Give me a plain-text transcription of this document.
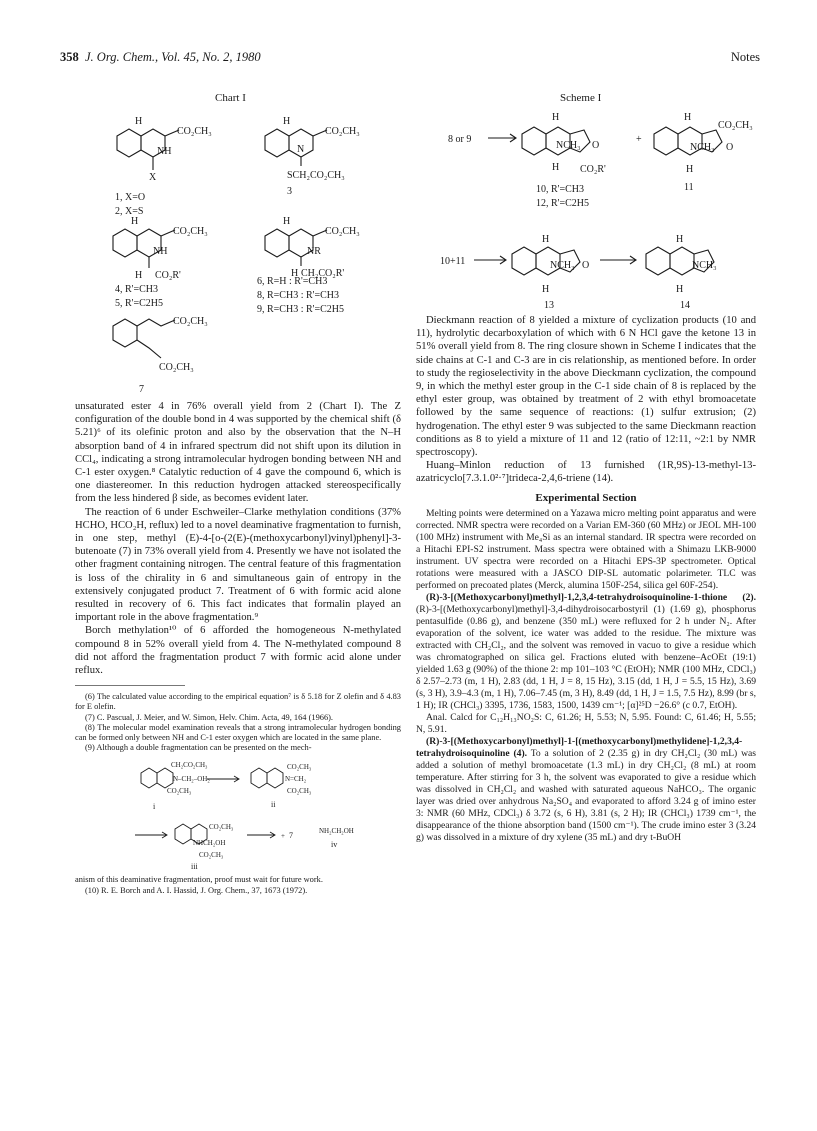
358 J. Org. Chem., Vol. 45, No. 2, 1980	Notes
Chart I
H
CO₂CH₃
NH
X
H
CO₂CH₃
N
SCH₂CO₂CH₃
H
CO₂CH₃
NH
H CO₂R'
H
CO₂CH₃
NR
H CH₂CO₂R'
CO₂CH₃
CO₂CH₃
1, X=O
2, X=S
3
4, R'=CH3
5, R'=C2H5
6, R=H : R'=CH3
8, R=CH3 : R'=CH3
9, R=CH3 : R'=C2H5
7
Scheme I
H
NCH₃ O
H CO₂R'
+
H
CO₂CH₃
NCH₃ O
H
H
NCH₃ O
H
H
NCH₃
H
8 or 9
10, R'=CH3
12, R'=C2H5
11
10+11
13	14

unsaturated ester 4 in 76% overall yield from 2 (Chart I). The Z configuration of the double bond in 4 was supported by the chemical shift (δ 5.21)⁶ of its olefinic proton and also by the observation that the N–H absorption band of 4 in infrared spectrum did not shift upon its dilution in CCl₄, indicating a strong intramolecular hydrogen bonding between NH and C-1 ester oxygen.⁸ Catalytic reduction of 4 gave the compound 6, which is one diastereomer. In this reduction hydrogen attacked stereospecifically from the less hindered β side, as becomes evident later.

The reaction of 6 under Eschweiler–Clarke methylation conditions (37% HCHO, HCO₂H, reflux) led to a novel deaminative fragmentation to furnish, in one step, methyl (E)-4-[o-(2(E)-(methoxycarbonyl)vinyl)phenyl]-3-butenoate (7) in 73% overall yield from 4. Presently we have not isolated the other fragment containing nitrogen. The central feature of this fragmentation is loss of the chirality in 6 and simultaneous gain of entropy in the extensively conjugated product 7. Treatment of 6 with formic acid alone resulted in recovery of 6. This fact indicates that formalin played an important role in the above fragmentation.⁹

Borch methylation¹⁰ of 6 afforded the homogeneous N-methylated compound 8 in 52% overall yield from 4. The N-methylated compound 8 did not afford the fragmentation product 7 with formic acid alone under reflux.

(6) The calculated value according to the empirical equation⁷ is δ 5.18 for Z olefin and δ 4.83 for E olefin.

(7) C. Pascual, J. Meier, and W. Simon, Helv. Chim. Acta, 49, 164 (1966).

(8) The molecular model examination reveals that a strong intramolecular hydrogen bonding can be formed only between NH and C-1 ester oxygen which are located in the same plane.

(9) Although a double fragmentation can be presented on the mech-

CH₂CO₂CH₃
N–CH₂–OH₂
CO₂CH₃
CO₂CH₃
N=CH₂
CO₂CH₃
CO₂CH₃
NHCH₂OH
CO₂CH₃
+
NH₂CH₂OH
i	ii
7
iv
iii

anism of this deaminative fragmentation, proof must wait for future work.

(10) R. E. Borch and A. I. Hassid, J. Org. Chem., 37, 1673 (1972).

Dieckmann reaction of 8 yielded a mixture of cyclization products (10 and 11), hydrolytic decarboxylation of which with 6 N HCl gave the ketone 13 in 51% overall yield from 8. The ring closure shown in Scheme I indicates that the side chains at C-1 and C-3 are in cis relationship, as mentioned before. In order to study the regioselectivity in the above Dieckmann cyclization, the compound 9, in which the methyl ester group in the C-1 side chain of 8 is replaced by the ethyl ester group, was obtained by treatment of 2 with ethyl bromoacetate followed by the same sequence of reactions: (1) sulfur extrusion; (2) hydrogenation. The ethyl ester 9 was subjected to the same Dieckmann reaction conditions as 8 to yield a mixture of 11 and 12 (ratio of 12:11, ~2:1 by NMR spectroscopy).

Huang–Minlon reduction of 13 furnished (1R,9S)-13-methyl-13-azatricyclo[7.3.1.0²·⁷]trideca-2,4,6-triene (14).

Experimental Section

Melting points were determined on a Yazawa micro melting point apparatus and were corrected. NMR spectra were recorded on a Varian EM-360 (60 MHz) or JEOL MH-100 (100 MHz) instrument with Me₄Si as an internal standard. IR spectra were recorded on a Hitachi EPI-S2 instrument. Mass spectra were obtained with a Shimazu LKB-9000 instrument. UV spectra were recorded on a Hitachi EPS-3P spectrometer. Optical rotations were measured with a JASCO DIP-SL automatic polarimeter. TLC was performed on precoated plates (Merck, alumina 150F-254, silica gel 60F-254).

(R)-3-[(Methoxycarbonyl)methyl]-1,2,3,4-tetrahydroisoquinoline-1-thione (2). (R)-3-[(Methoxycarbonyl)methyl]-3,4-dihydroisocarbostyril (1) (1.69 g), phosphorus pentasulfide (0.86 g), and benzene (350 mL) were refluxed for 2 h under N₂. After evaporation of the solvent, ice water was added to the residue. The mixture was extracted with CH₂Cl₂, and the solvent was removed in vacuo to give a residue which was chromatographed on silica gel. Fractions eluted with benzene–AcOEt (19:1) yielded 1.63 g (90%) of the thione 2: mp 101–103 °C (EtOH); NMR (100 MHz, CDCl₃) δ 2.57–2.73 (m, 1 H), 2.83 (dd, 1 H, J = 8, 15 Hz), 3.15 (dd, 1 H, J = 5.5, 15 Hz), 3.69 (s, 3 H), 3.9–4.3 (m, 1 H), 7.06–7.45 (m, 3 H), 8.49 (dd, 1 H, J = 1.5, 7.5 Hz), 8.99 (br s, 1 H); IR (CHCl₃) 3395, 1736, 1583, 1500, 1439 cm⁻¹; [α]²⁵D −26.6° (c 0.7, EtOH).

Anal. Calcd for C₁₂H₁₃NO₂S: C, 61.26; H, 5.53; N, 5.95. Found: C, 61.46; H, 5.55; N, 5.91.

(R)-3-[(Methoxycarbonyl)methyl]-1-[(methoxycarbonyl)methylidene]-1,2,3,4-tetrahydroisoquinoline (4). To a solution of 2 (2.35 g) in dry CH₂Cl₂ (30 mL) was added a solution of methyl bromoacetate (1.3 mL) in dry CH₂Cl₂ (8 mL) at room temperature. After stirring for 3 h, the solvent was evaporated to give a residue which was dissolved in CH₂Cl₂ and washed with saturated aqueous NaHCO₃. The organic layer was dried over anhydrous Na₂SO₄ and evaporated to afford 3.24 g of imino ester 3: NMR (60 MHz, CDCl₃) δ 3.72 (s, 6 H), 3.81 (s, 2 H); IR (CHCl₃) 1739 cm⁻¹, the disappearance of the thione absorption band (1500 cm⁻¹). The crude imino ester 3 (3.24 g) was dissolved in a mixture of dry xylene (35 mL) and dry t-BuOH
